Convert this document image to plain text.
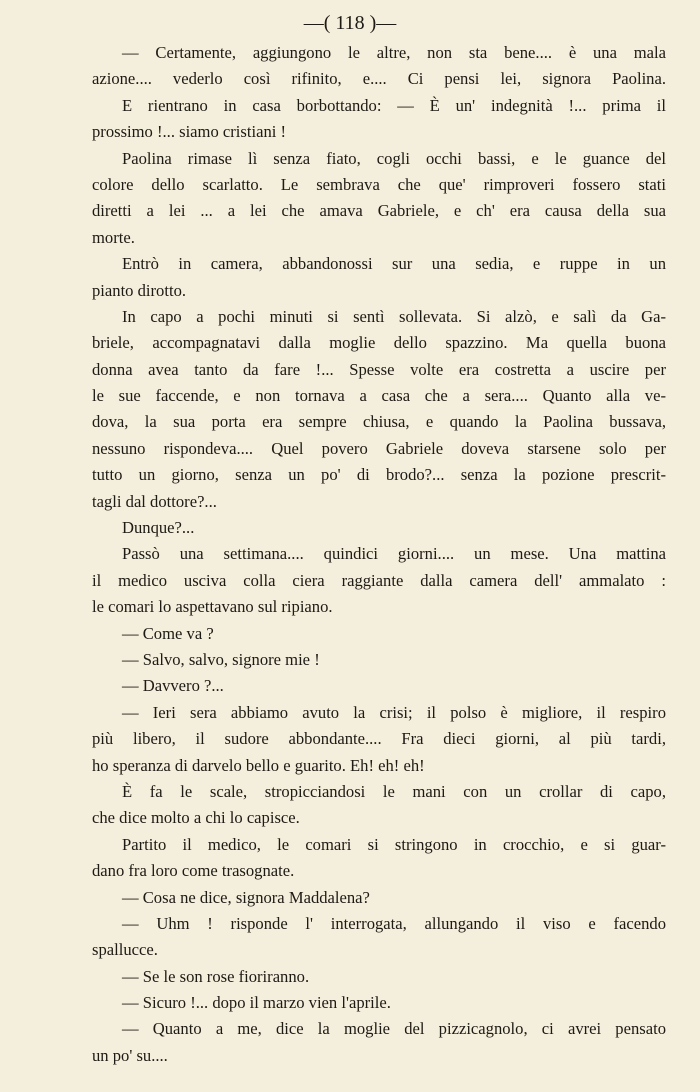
—( 118 )—
— Certamente, aggiungono le altre, non sta bene.... è una mala
azione.... vederlo così rifinito, e.... Ci pensi lei, signora Paolina.
E rientrano in casa borbottando: — È un' indegnità !... prima il
prossimo !... siamo cristiani !
Paolina rimase lì senza fiato, cogli occhi bassi, e le guance del
colore dello scarlatto. Le sembrava che que' rimproveri fossero stati
diretti a lei ... a lei che amava Gabriele, e ch' era causa della sua
morte.
Entrò in camera, abbandonossi sur una sedia, e ruppe in un
pianto dirotto.
In capo a pochi minuti si sentì sollevata. Si alzò, e salì da Ga-
briele, accompagnatavi dalla moglie dello spazzino. Ma quella buona
donna avea tanto da fare !... Spesse volte era costretta a uscire per
le sue faccende, e non tornava a casa che a sera.... Quanto alla ve-
dova, la sua porta era sempre chiusa, e quando la Paolina bussava,
nessuno rispondeva.... Quel povero Gabriele doveva starsene solo per
tutto un giorno, senza un po' di brodo?... senza la pozione prescrit-
tagli dal dottore?...
Dunque?...
Passò una settimana.... quindici giorni.... un mese. Una mattina
il medico usciva colla ciera raggiante dalla camera dell' ammalato :
le comari lo aspettavano sul ripiano.
— Come va ?
— Salvo, salvo, signore mie !
— Davvero ?...
— Ieri sera abbiamo avuto la crisi; il polso è migliore, il respiro
più libero, il sudore abbondante.... Fra dieci giorni, al più tardi,
ho speranza di darvelo bello e guarito. Eh! eh! eh!
È fa le scale, stropicciandosi le mani con un crollar di capo,
che dice molto a chi lo capisce.
Partito il medico, le comari si stringono in crocchio, e si guar-
dano fra loro come trasognate.
— Cosa ne dice, signora Maddalena?
— Uhm ! risponde l' interrogata, allungando il viso e facendo
spallucce.
— Se le son rose fioriranno.
— Sicuro !... dopo il marzo vien l'aprile.
— Quanto a me, dice la moglie del pizzicagnolo, ci avrei pensato
un po' su....
